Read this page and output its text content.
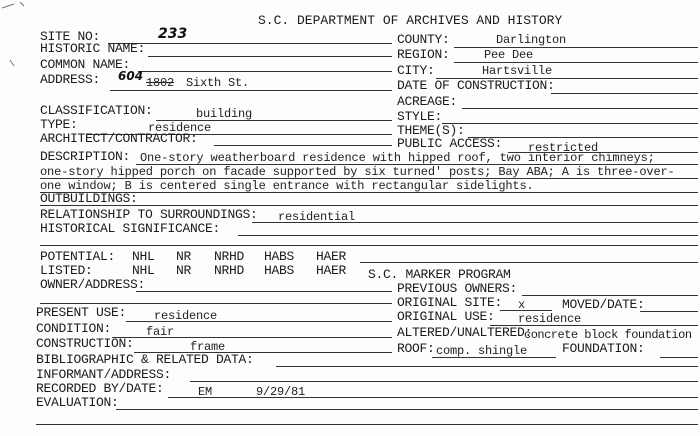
S.C. DEPARTMENT OF ARCHIVES AND HISTORY
SITE NO:	233	COUNTY:	Darlington
HISTORIC NAME:	REGION:	Pee Dee
COMMON NAME:	CITY:	Hartsville
ADDRESS: 604 1802 Sixth St.	DATE OF CONSTRUCTION:
ACREAGE:
CLASSIFICATION:	building	STYLE:
TYPE:	residence	THEME(S):
ARCHITECT/CONTRACTOR:	PUBLIC ACCESS: restricted
DESCRIPTION: One-story weatherboard residence with hipped roof, two interior chimneys;
one-story hipped porch on facade supported by six turned' posts; Bay ABA; A is three-over-
one window; B is centered single entrance with rectangular sidelights.
OUTBUILDINGS:
RELATIONSHIP TO SURROUNDINGS: residential
HISTORICAL SIGNIFICANCE:
POTENTIAL: NHL NR NRHD HABS HAER
LISTED:	NHL NR NRHD HABS HAER S.C. MARKER PROGRAM
OWNER/ADDRESS:	PREVIOUS OWNERS:
ORIGINAL SITE: x	MOVED/DATE:
PRESENT USE: residence	ORIGINAL USE: residence
CONDITION:	fair	ALTERED/UNALTERED:
concrete block foundation
CONSTRUCTION:	frame	ROOF: comp. shingle	FOUNDATION:
BIBLIOGRAPHIC & RELATED DATA:
INFORMANT/ADDRESS:
RECORDED BY/DATE:	EM	9/29/81
EVALUATION:
